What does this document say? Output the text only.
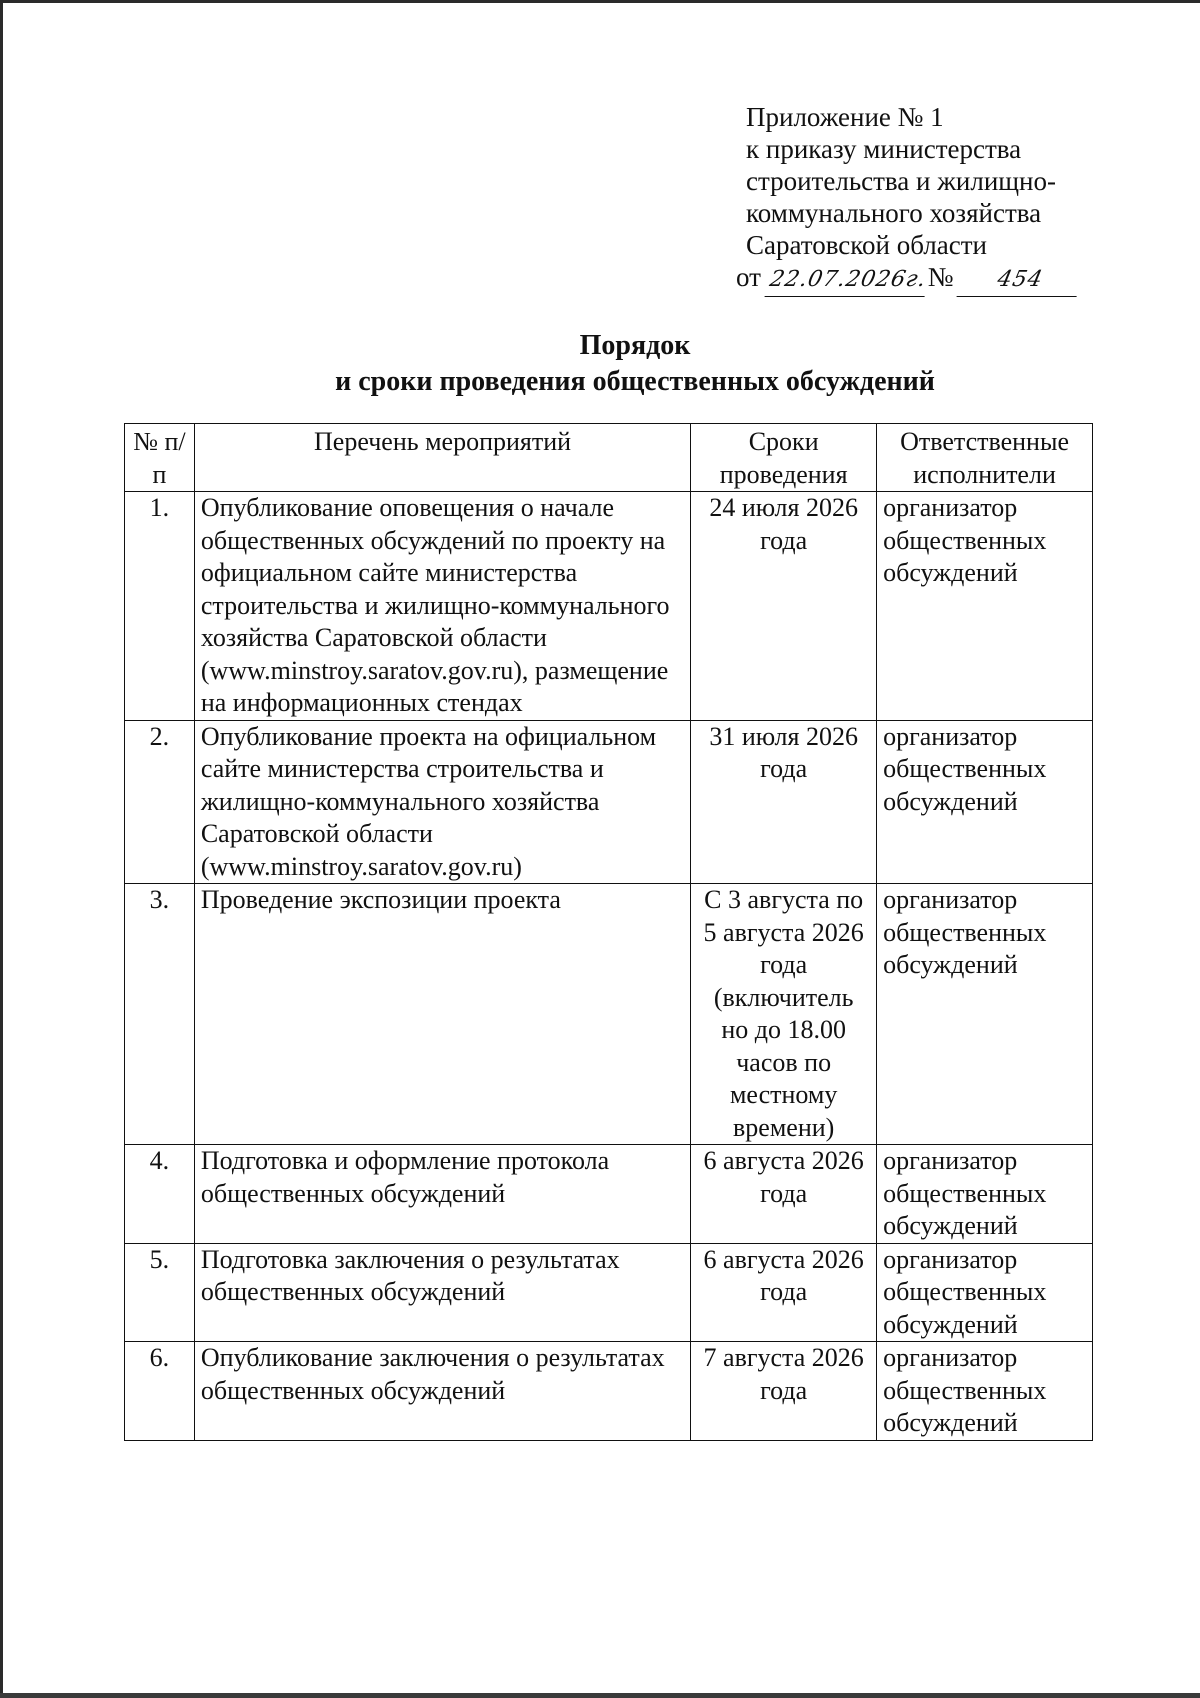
Приложение № 1
к приказу министерства
строительства и жилищно-
коммунального хозяйства
Саратовской области
от 22.07.2026г.№ 454
Порядок
и сроки проведения общественных обсуждений
№ п/п	Перечень мероприятий	Сроки проведения	Ответственные исполнители
1.	Опубликование оповещения о начале общественных обсуждений по проекту на официальном сайте министерства строительства и жилищно-коммунального хозяйства Саратовской области (www.minstroy.saratov.gov.ru), размещение на информационных стендах	24 июля 2026 года	организатор общественных обсуждений
2.	Опубликование проекта на официальном сайте министерства строительства и жилищно-коммунального хозяйства Саратовской области (www.minstroy.saratov.gov.ru)	31 июля 2026 года	организатор общественных обсуждений
3.	Проведение экспозиции проекта	С 3 августа по 5 августа 2026 года (включитель но до 18.00 часов по местному времени)	организатор общественных обсуждений
4.	Подготовка и оформление протокола общественных обсуждений	6 августа 2026 года	организатор общественных обсуждений
5.	Подготовка заключения о результатах общественных обсуждений	6 августа 2026 года	организатор общественных обсуждений
6.	Опубликование заключения о результатах общественных обсуждений	7 августа 2026 года	организатор общественных обсуждений
